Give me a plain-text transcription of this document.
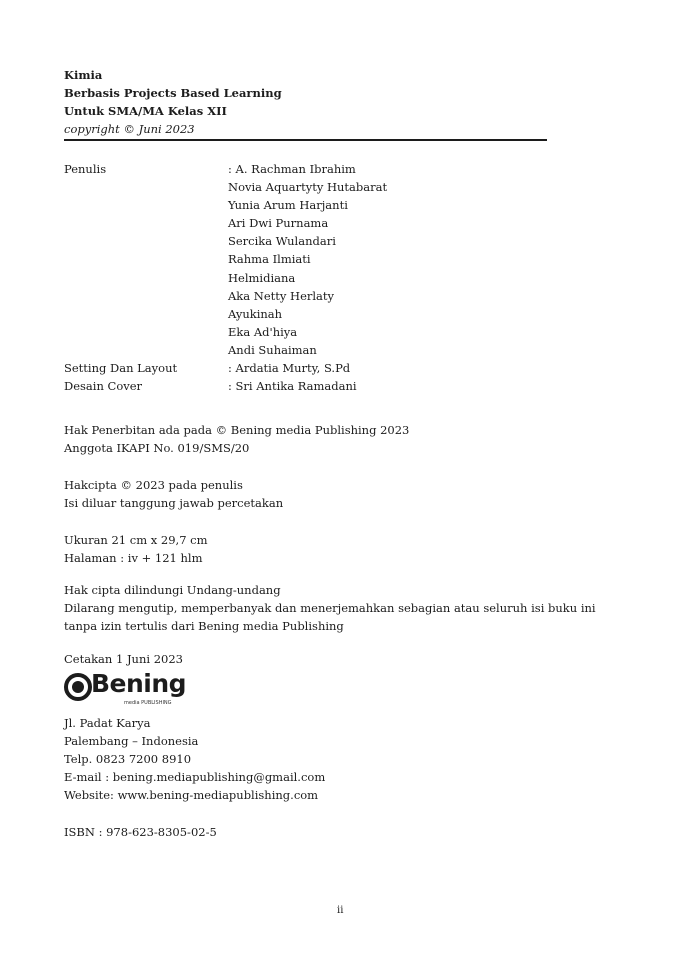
Kimia
Berbasis Projects Based Learning
Untuk SMA/MA Kelas XII
copyright © Juni 2023
Penulis	: A. Rachman Ibrahim
Novia Aquartyty Hutabarat
Yunia Arum Harjanti
Ari Dwi Purnama
Sercika Wulandari
Rahma Ilmiati
Helmidiana
Aka Netty Herlaty
Ayukinah
Eka Ad'hiya
Andi Suhaiman
Setting Dan Layout	: Ardatia Murty, S.Pd
Desain Cover	: Sri Antika Ramadani
Hak Penerbitan ada pada © Bening media Publishing 2023
Anggota IKAPI No. 019/SMS/20
Hakcipta © 2023 pada penulis
Isi diluar tanggung jawab percetakan
Ukuran 21 cm x 29,7 cm
Halaman : iv + 121 hlm
Hak cipta dilindungi Undang-undang
Dilarang mengutip, memperbanyak dan menerjemahkan sebagian atau seluruh isi buku ini
tanpa izin tertulis dari Bening media Publishing
Cetakan 1 Juni 2023
Bening
media PUBLISHING
Jl. Padat Karya
Palembang – Indonesia
Telp. 0823 7200 8910
E-mail : bening.mediapublishing@gmail.com
Website: www.bening-mediapublishing.com
ISBN : 978-623-8305-02-5
ii
